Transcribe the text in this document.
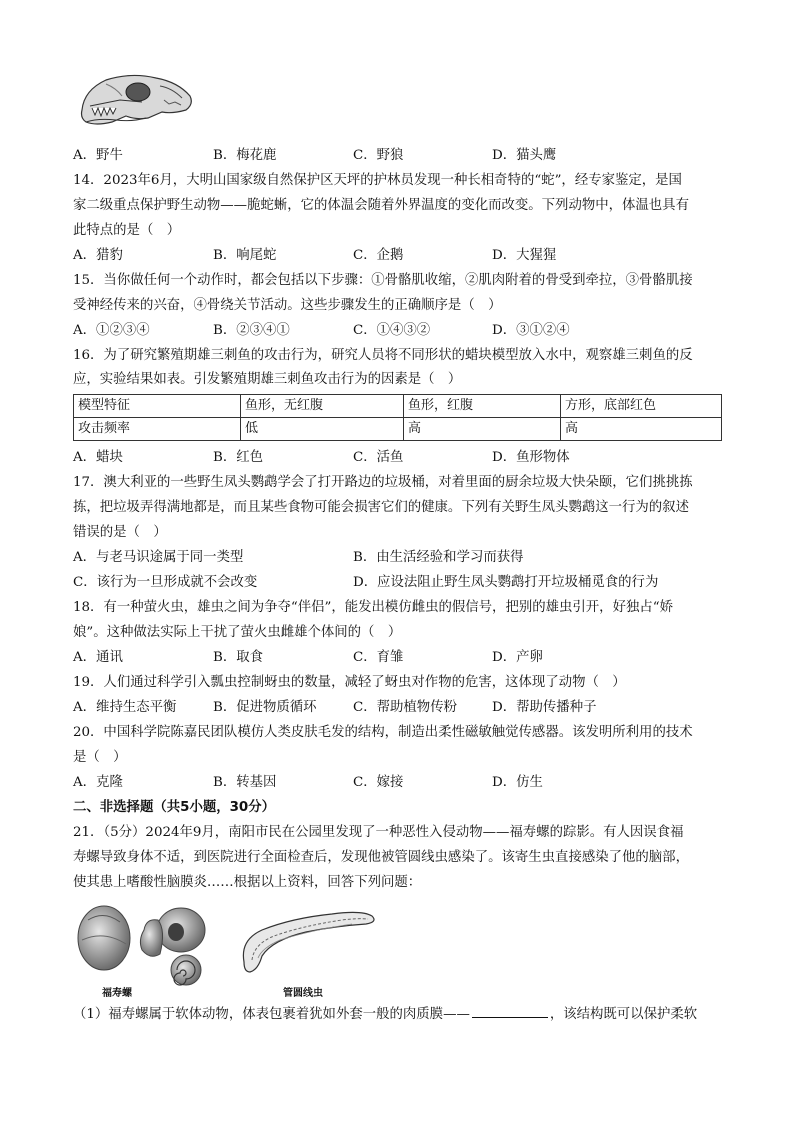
A．野牛	B．梅花鹿	C．野狼	D．猫头鹰
14．2023年6月，大明山国家级自然保护区天坪的护林员发现一种长相奇特的“蛇”，经专家鉴定，是国
家二级重点保护野生动物——脆蛇蜥，它的体温会随着外界温度的变化而改变。下列动物中，体温也具有
此特点的是（　）
A．猎豹	B．响尾蛇	C．企鹅	D．大猩猩
15．当你做任何一个动作时，都会包括以下步骤：①骨骼肌收缩，②肌肉附着的骨受到牵拉，③骨骼肌接
受神经传来的兴奋，④骨绕关节活动。这些步骤发生的正确顺序是（　）
A．①②③④	B．②③④①	C．①④③②	D．③①②④
16．为了研究繁殖期雄三刺鱼的攻击行为，研究人员将不同形状的蜡块模型放入水中，观察雄三刺鱼的反
应，实验结果如表。引发繁殖期雄三刺鱼攻击行为的因素是（　）
模型特征	鱼形，无红腹	鱼形，红腹	方形，底部红色
攻击频率	低	高	高
A．蜡块	B．红色	C．活鱼	D．鱼形物体
17．澳大利亚的一些野生凤头鹦鹉学会了打开路边的垃圾桶，对着里面的厨余垃圾大快朵颐，它们挑挑拣
拣，把垃圾弄得满地都是，而且某些食物可能会损害它们的健康。下列有关野生凤头鹦鹉这一行为的叙述
错误的是（　）
A．与老马识途属于同一类型	B．由生活经验和学习而获得
C．该行为一旦形成就不会改变	D．应设法阻止野生凤头鹦鹉打开垃圾桶觅食的行为
18．有一种萤火虫，雄虫之间为争夺“伴侣”，能发出模仿雌虫的假信号，把别的雄虫引开，好独占“娇
娘”。这种做法实际上干扰了萤火虫雌雄个体间的（　）
A．通讯	B．取食	C．育雏	D．产卵
19．人们通过科学引入瓢虫控制蚜虫的数量，减轻了蚜虫对作物的危害，这体现了动物（　）
A．维持生态平衡	B．促进物质循环	C．帮助植物传粉	D．帮助传播种子
20．中国科学院陈嘉民团队模仿人类皮肤毛发的结构，制造出柔性磁敏触觉传感器。该发明所利用的技术
是（　）
A．克隆	B．转基因	C．嫁接	D．仿生
二、非选择题（共5小题，30分）
21．（5分）2024年9月，南阳市民在公园里发现了一种恶性入侵动物——福寿螺的踪影。有人因误食福
寿螺导致身体不适，到医院进行全面检查后，发现他被管圆线虫感染了。该寄生虫直接感染了他的脑部，
使其患上嗜酸性脑膜炎……根据以上资料，回答下列问题：
福寿螺	管圆线虫
（1）福寿螺属于软体动物，体表包裹着犹如外套一般的肉质膜——	，该结构既可以保护柔软
